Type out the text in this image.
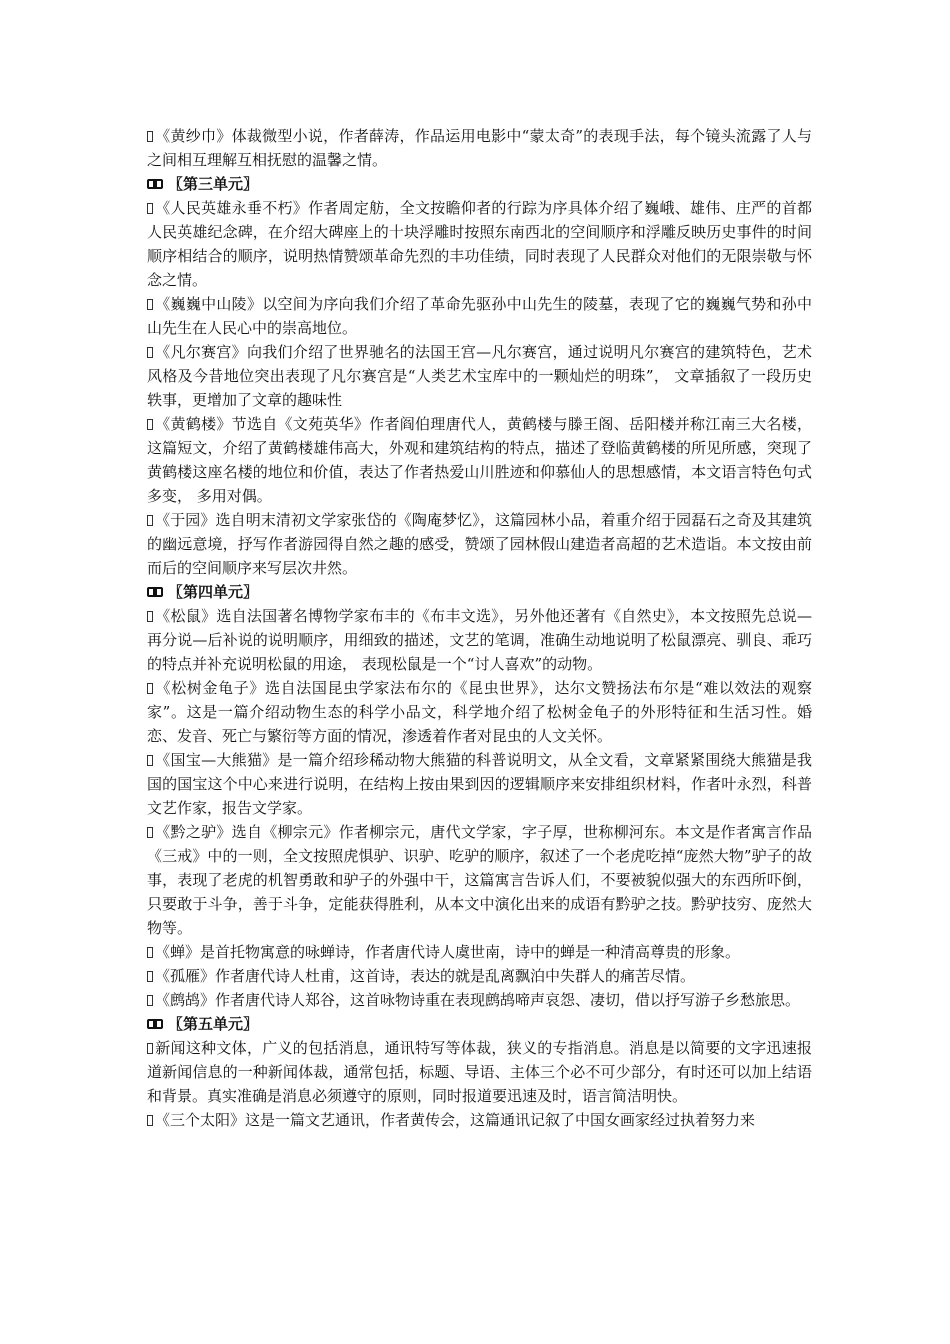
《黄纱巾》体裁微型小说，作者薛涛，作品运用电影中“蒙太奇”的表现手法，每个镜头流露了人与 之间相互理解互相抚慰的温馨之情。

〖第三单元〗

《人民英雄永垂不朽》作者周定舫，全文按瞻仰者的行踪为序具体介绍了巍峨、雄伟、庄严的首都人民英雄纪念碑，在介绍大碑座上的十块浮雕时按照东南西北的空间顺序和浮雕反映历史事件的时间顺序相结合的顺序，说明热情赞颂革命先烈的丰功佳绩，同时表现了人民群众对他们的无限崇敬与怀念之情。

《巍巍中山陵》以空间为序向我们介绍了革命先驱孙中山先生的陵墓，表现了它的巍巍气势和孙中山先生在人民心中的崇高地位。

《凡尔赛宫》向我们介绍了世界驰名的法国王宫—凡尔赛宫，通过说明凡尔赛宫的建筑特色，艺术风格及今昔地位突出表现了凡尔赛宫是“人类艺术宝库中的一颗灿烂的明珠”， 文章插叙了一段历史轶事，更增加了文章的趣味性

《黄鹤楼》节选自《文苑英华》作者阎伯理唐代人，黄鹤楼与滕王阁、岳阳楼并称江南三大名楼，这篇短文，介绍了黄鹤楼雄伟高大，外观和建筑结构的特点，描述了登临黄鹤楼的所见所感，突现了黄鹤楼这座名楼的地位和价值，表达了作者热爱山川胜迹和仰慕仙人的思想感情，本文语言特色句式多变， 多用对偶。

《于园》选自明末清初文学家张岱的《陶庵梦忆》，这篇园林小品，着重介绍于园磊石之奇及其建筑的幽远意境，抒写作者游园得自然之趣的感受，赞颂了园林假山建造者高超的艺术造诣。本文按由前而后的空间顺序来写层次井然。

〖第四单元〗

《松鼠》选自法国著名博物学家布丰的《布丰文选》，另外他还著有《自然史》，本文按照先总说—再分说—后补说的说明顺序，用细致的描述，文艺的笔调，准确生动地说明了松鼠漂亮、驯良、乖巧的特点并补充说明松鼠的用途， 表现松鼠是一个“讨人喜欢”的动物。

《松树金龟子》选自法国昆虫学家法布尔的《昆虫世界》，达尔文赞扬法布尔是“难以效法的观察家”。这是一篇介绍动物生态的科学小品文，科学地介绍了松树金龟子的外形特征和生活习性。婚恋、发音、死亡与繁衍等方面的情况，渗透着作者对昆虫的人文关怀。

《国宝—大熊猫》是一篇介绍珍稀动物大熊猫的科普说明文，从全文看，文章紧紧围绕大熊猫是我国的国宝这个中心来进行说明，在结构上按由果到因的逻辑顺序来安排组织材料，作者叶永烈，科普文艺作家，报告文学家。

《黔之驴》选自《柳宗元》作者柳宗元，唐代文学家，字子厚，世称柳河东。本文是作者寓言作品《三戒》中的一则，全文按照虎惧驴、识驴、吃驴的顺序，叙述了一个老虎吃掉“庞然大物”驴子的故事，表现了老虎的机智勇敢和驴子的外强中干，这篇寓言告诉人们，不要被貌似强大的东西所吓倒，只要敢于斗争，善于斗争，定能获得胜利，从本文中演化出来的成语有黔驴之技。黔驴技穷、庞然大物等。

《蝉》是首托物寓意的咏蝉诗，作者唐代诗人虞世南，诗中的蝉是一种清高尊贵的形象。

《孤雁》作者唐代诗人杜甫，这首诗，表达的就是乱离飘泊中失群人的痛苦尽情。

《鹧鸪》作者唐代诗人郑谷，这首咏物诗重在表现鹧鸪啼声哀怨、凄切，借以抒写游子乡愁旅思。

〖第五单元〗

新闻这种文体，广义的包括消息，通讯特写等体裁，狭义的专指消息。消息是以简要的文字迅速报道新闻信息的一种新闻体裁，通常包括，标题、导语、主体三个必不可少部分，有时还可以加上结语和背景。真实准确是消息必须遵守的原则，同时报道要迅速及时，语言简洁明快。

《三个太阳》这是一篇文艺通讯，作者黄传会，这篇通讯记叙了中国女画家经过执着努力来
